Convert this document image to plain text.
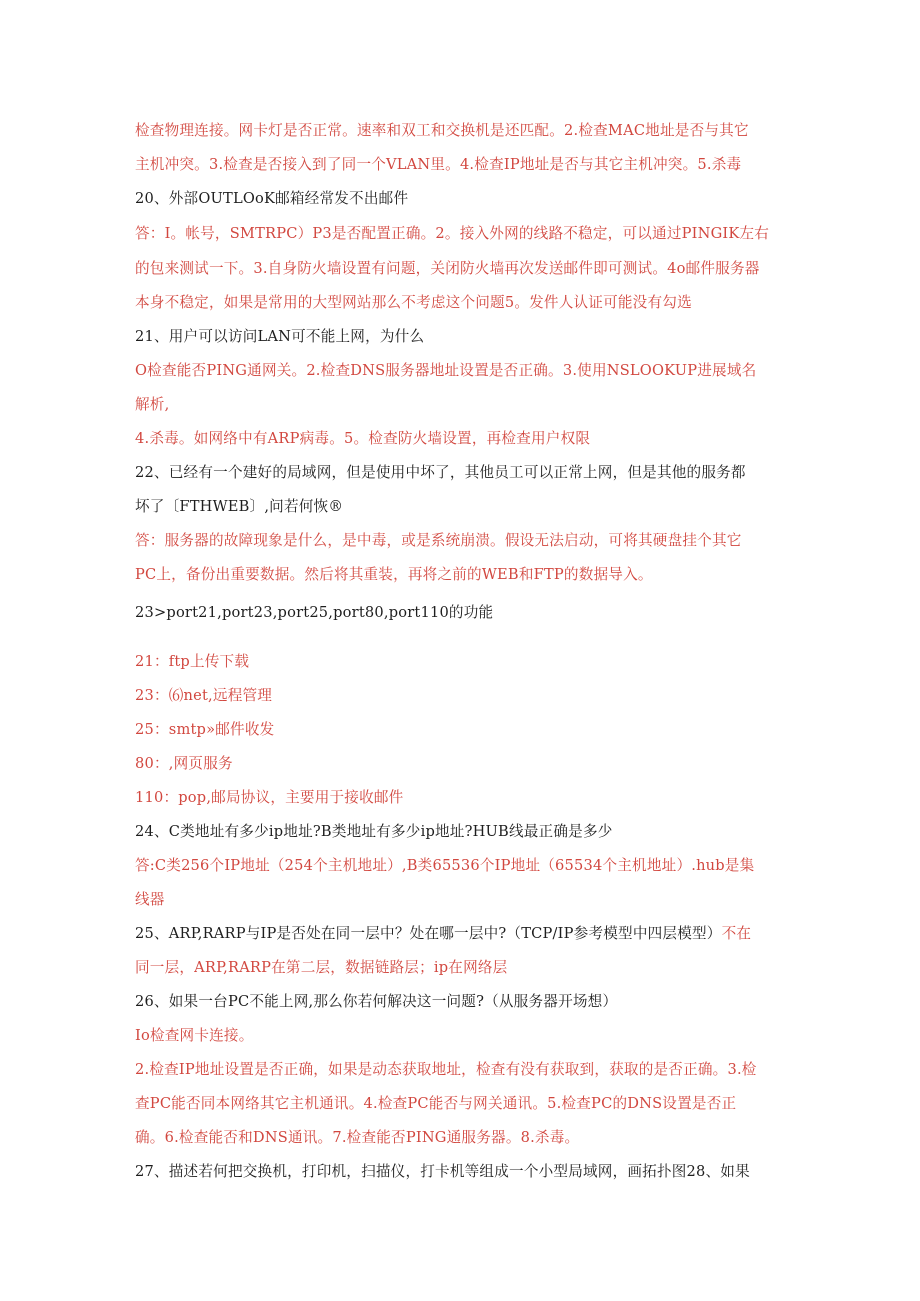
检查物理连接。网卡灯是否正常。速率和双工和交换机是还匹配。2.检查MAC地址是否与其它
主机冲突。3.检查是否接入到了同一个VLAN里。4.检查IP地址是否与其它主机冲突。5.杀毒
20、外部OUTLOoK邮箱经常发不出邮件
答：I。帐号，SMTRPC）P3是否配置正确。2。接入外网的线路不稳定，可以通过PINGIK左右
的包来测试一下。3.自身防火墙设置有问题，关闭防火墙再次发送邮件即可测试。4o邮件服务器
本身不稳定，如果是常用的大型网站那么不考虑这个问题5。发件人认证可能没有勾选
21、用户可以访问LAN可不能上网，为什么
O检查能否PING通网关。2.检查DNS服务器地址设置是否正确。3.使用NSLOOKUP进展域名
解析,
4.杀毒。如网络中有ARP病毒。5。检查防火墙设置，再检查用户权限
22、已经有一个建好的局域网，但是使用中坏了，其他员工可以正常上网，但是其他的服务都
坏了〔FTHWEB〕,问若何恢®
答：服务器的故障现象是什么，是中毒，或是系统崩溃。假设无法启动，可将其硬盘挂个其它
PC上，备份出重要数据。然后将其重装，再将之前的WEB和FTP的数据导入。
23>port21,port23,port25,port80,port110的功能
21：ftp上传下载
23：⑹net,远程管理
25：smtp»邮件收发
80：,网页服务
110：pop,邮局协议，主要用于接收邮件
24、C类地址有多少ip地址?B类地址有多少ip地址?HUB线最正确是多少
答:C类256个IP地址（254个主机地址）,B类65536个IP地址（65534个主机地址）.hub是集
线器
25、ARP,RARP与IP是否处在同一层中？处在哪一层中?（TCP/IP参考模型中四层模型）不在
同一层，ARP,RARP在第二层，数据链路层；ip在网络层
26、如果一台PC不能上网,那么你若何解决这一问题?（从服务器开场想）
Io检查网卡连接。
2.检查IP地址设置是否正确，如果是动态获取地址，检查有没有获取到，获取的是否正确。3.检
查PC能否同本网络其它主机通讯。4.检查PC能否与网关通讯。5.检查PC的DNS设置是否正
确。6.检查能否和DNS通讯。7.检查能否PING通服务器。8.杀毒。
27、描述若何把交换机，打印机，扫描仪，打卡机等组成一个小型局域网，画拓扑图28、如果
